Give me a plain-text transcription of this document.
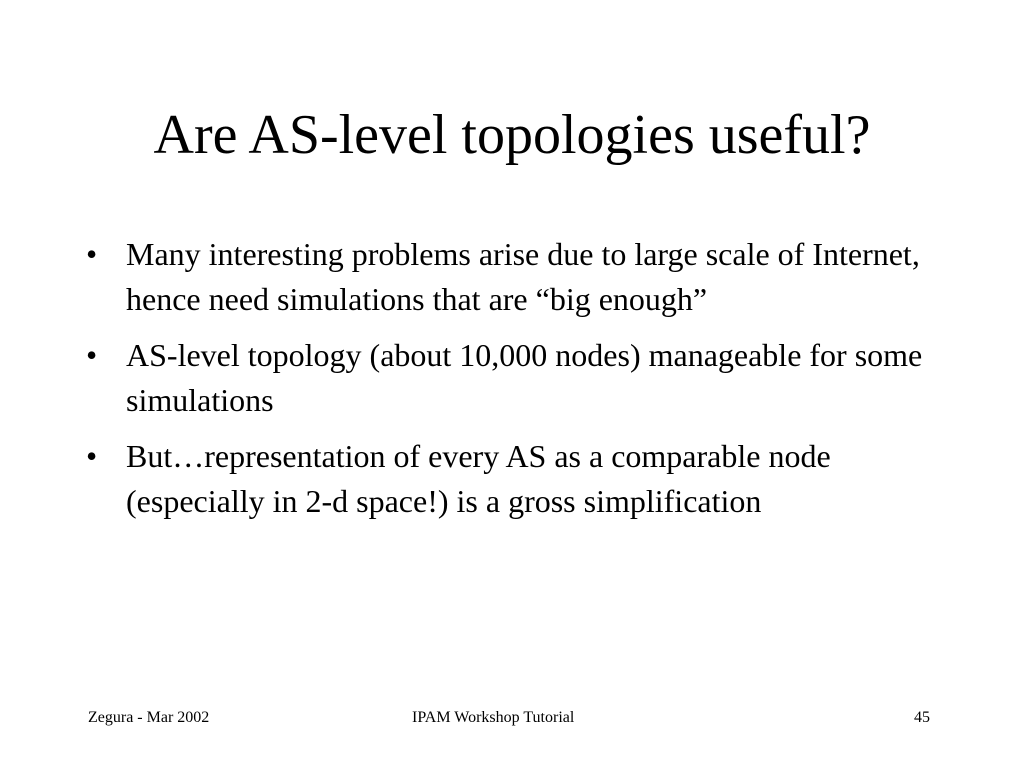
Are AS-level topologies useful?
• Many interesting problems arise due to large scale of Internet, hence need simulations that are “big enough”
• AS-level topology (about 10,000 nodes) manageable for some simulations
• But…representation of every AS as a comparable node (especially in 2-d space!) is a gross simplification
Zegura - Mar 2002	IPAM Workshop Tutorial	45
